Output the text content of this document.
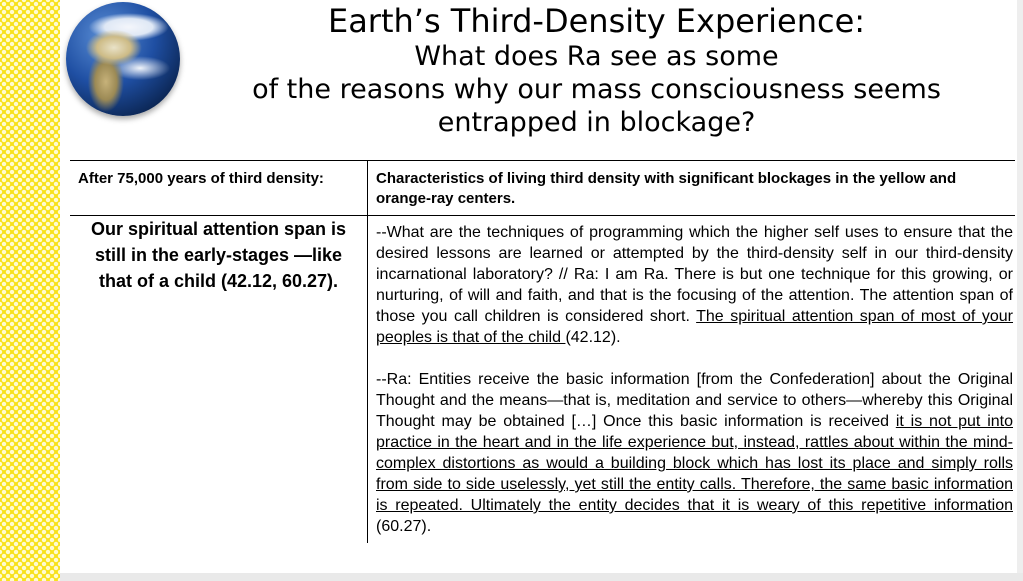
Earth’s Third-Density Experience:
What does Ra see as some
of the reasons why our mass consciousness seems
entrapped in blockage?
After 75,000 years of third density:	Characteristics of living third density with significant blockages in the yellow and orange-ray centers.
Our spiritual attention span is still in the early-stages —like that of a child (42.12, 60.27).	--What are the techniques of programming which the higher self uses to ensure that the desired lessons are learned or attempted by the third-density self in our third-density incarnational laboratory? // Ra: I am Ra. There is but one technique for this growing, or nurturing, of will and faith, and that is the focusing of the attention. The attention span of those you call children is considered short. The spiritual attention span of most of your peoples is that of the child (42.12).

--Ra: Entities receive the basic information [from the Confederation] about the Original Thought and the means—that is, meditation and service to others—whereby this Original Thought may be obtained […] Once this basic information is received it is not put into practice in the heart and in the life experience but, instead, rattles about within the mind-complex distortions as would a building block which has lost its place and simply rolls from side to side uselessly, yet still the entity calls. Therefore, the same basic information is repeated. Ultimately the entity decides that it is weary of this repetitive information (60.27).
